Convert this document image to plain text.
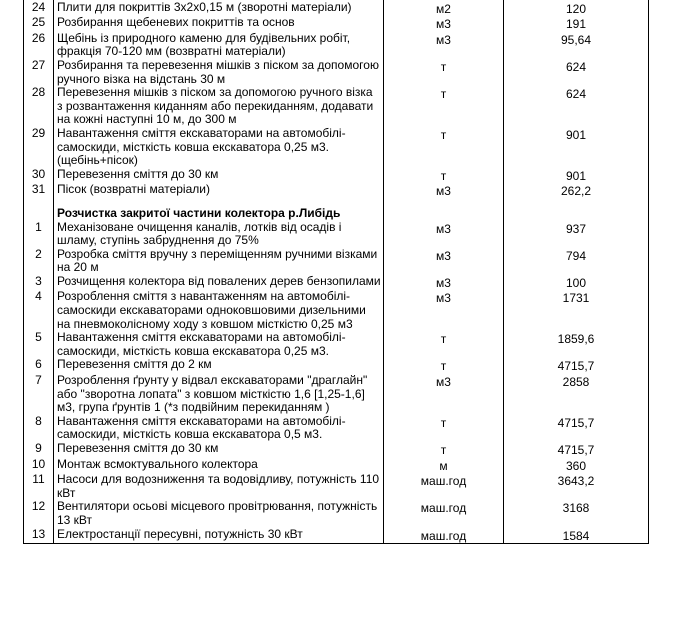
24	Плити для покриттів 3х2х0,15 м (зворотні матеріали)	м2	120
25	Розбирання щебеневих покриттів та основ	м3	191
26	Щебінь із природного каменю для будівельних робіт, фракція 70-120 мм (возвратні матеріали)	м3	95,64
27	Розбирання та перевезення мішків з піском за допомогою ручного візка на відстань 30 м	т	624
28	Перевезення мішків з піском за допомогою ручного візка з розвантаження киданням або перекиданням, додавати на кожні наступні 10 м, до 300 м	т	624
29	Навантаження сміття екскаваторами на автомобілі-самоскиди, місткість ковша екскаватора 0,25 м3. (щебінь+пісок)	т	901
30	Перевезення сміття до 30 км	т	901
31	Пісок (возвратні матеріали)	м3	262,2
	Розчистка закритої частини колектора р.Либідь		
1	Механізоване очищення каналів, лотків від осадів і шламу, ступінь забруднення до 75%	м3	937
2	Розробка сміття вручну з переміщенням ручними візками на 20 м	м3	794
3	Розчищення колектора від повалених дерев бензопилами	м3	100
4	Розроблення сміття з навантаженням на автомобілі-самоскиди екскаваторами одноковшовими дизельними на пневмоколісному ходу з ковшом місткістю 0,25 м3	м3	1731
5	Навантаження сміття екскаваторами на автомобілі-самоскиди, місткість ковша екскаватора 0,25 м3.	т	1859,6
6	Перевезення сміття до 2 км	т	4715,7
7	Розроблення ґрунту у відвал екскаваторами "драглайн" або "зворотна лопата" з ковшом місткістю 1,6 [1,25-1,6] м3, група ґрунтів 1 (*з подвійним перекиданням )	м3	2858
8	Навантаження сміття екскаваторами на автомобілі-самоскиди, місткість ковша екскаватора 0,5 м3.	т	4715,7
9	Перевезення сміття до 30 км	т	4715,7
10	Монтаж всмоктувального колектора	м	360
11	Насоси для водозниження та водовідливу, потужність 110 кВт	маш.год	3643,2
12	Вентилятори осьові місцевого провітрювання, потужність 13 кВт	маш.год	3168
13	Електростанції пересувні, потужність 30 кВт	маш.год	1584
